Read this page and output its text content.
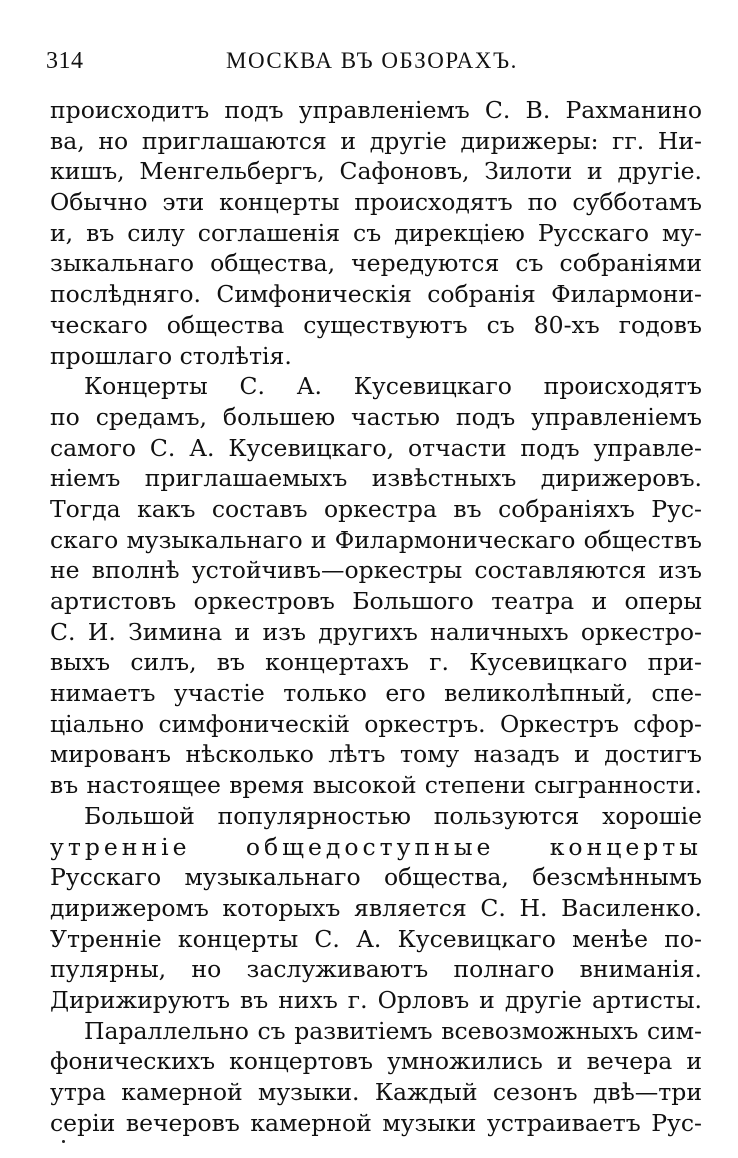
314	МОСКВА ВЪ ОБЗОРАХЪ.
происходитъ подъ управленіемъ С. В. Рахманино
ва, но приглашаются и другіе дирижеры: гг. Ни-
кишъ, Менгельбергъ, Сафоновъ, Зилоти и другіе.
Обычно эти концерты происходятъ по субботамъ
и, въ силу соглашенія съ дирекціею Русскаго му-
зыкальнаго общества, чередуются съ собраніями
послѣдняго. Симфоническія собранія Филармони-
ческаго общества существуютъ съ 80-хъ годовъ
прошлаго столѣтія.
Концерты С. А. Кусевицкаго происходятъ
по средамъ, большею частью подъ управленіемъ
самого С. А. Кусевицкаго, отчасти подъ управле-
ніемъ приглашаемыхъ извѣстныхъ дирижеровъ.
Тогда какъ составъ оркестра въ собраніяхъ Рус-
скаго музыкальнаго и Филармоническаго обществъ
не вполнѣ устойчивъ—оркестры составляются изъ
артистовъ оркестровъ Большого театра и оперы
С. И. Зимина и изъ другихъ наличныхъ оркестро-
выхъ силъ, въ концертахъ г. Кусевицкаго при-
нимаетъ участіе только его великолѣпный, спе-
ціально симфоническій оркестръ. Оркестръ сфор-
мированъ нѣсколько лѣтъ тому назадъ и достигъ
въ настоящее время высокой степени сыгранности.
Большой популярностью пользуются хорошіе
утренніе общедоступные концерты
Русскаго музыкальнаго общества, безсмѣннымъ
дирижеромъ которыхъ является С. Н. Василенко.
Утренніе концерты С. А. Кусевицкаго менѣе по-
пулярны, но заслуживаютъ полнаго вниманія.
Дирижируютъ въ нихъ г. Орловъ и другіе артисты.
Параллельно съ развитіемъ всевозможныхъ сим-
фоническихъ концертовъ умножились и вечера и
утра камерной музыки. Каждый сезонъ двѣ—три
серіи вечеровъ камерной музыки устраиваетъ Рус-
